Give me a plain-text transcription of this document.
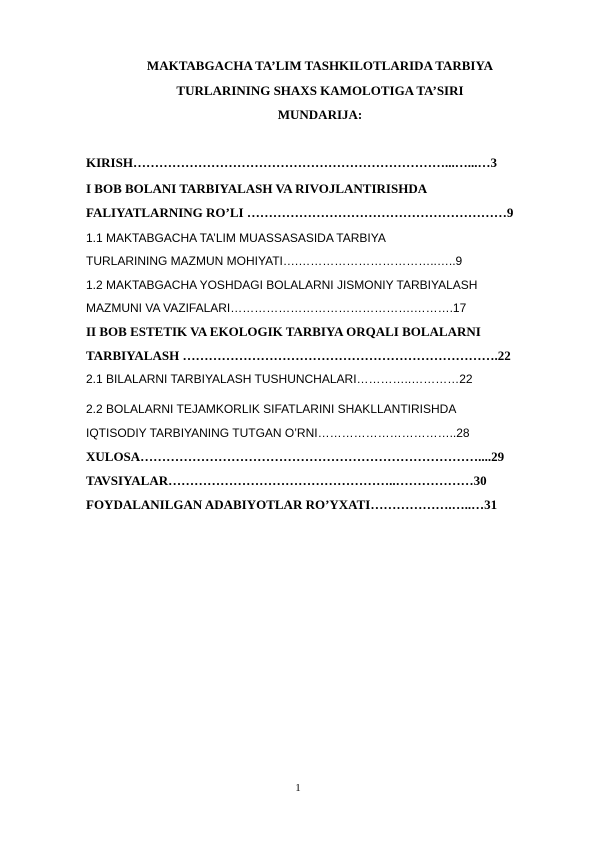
MAKTABGACHA TA’LIM TASHKILOTLARIDA TARBIYA
TURLARINING SHAXS KAMOLOTIGA TA’SIRI
MUNDARIJA:
KIRISH………………………………………………………………...…...…3
I BOB BOLANI TARBIYALASH VA RIVOJLANTIRISHDA
FALIYATLARNING RO’LI ……………………………………………………9
1.1 MAKTABGACHA TA’LIM MUASSASASIDA TARBIYA
TURLARINING MAZMUN MOHIYATI….……………………………..…..9
1.2 MAKTABGACHA YOSHDAGI BOLALARNI JISMONIY TARBIYALASH
MAZMUNI VA VAZIFALARI……………………………………….……….17
II BOB ESTETIK VA EKOLOGIK TARBIYA ORQALI BOLALARNI
TARBIYALASH ……………………………………………………………….22
2.1 BILALARNI TARBIYALASH TUSHUNCHALARI…………..…………22
2.2 BOLALARNI TEJAMKORLIK SIFATLARINI SHAKLLANTIRISHDA
IQTISODIY TARBIYANING TUTGAN O’RNI……………………………..28
XULOSA……………………………………………………………………....29
TAVSIYALAR……………………………………………..………………30
FOYDALANILGAN ADABIYOTLAR RO’YXATI……………….…..…31
1
